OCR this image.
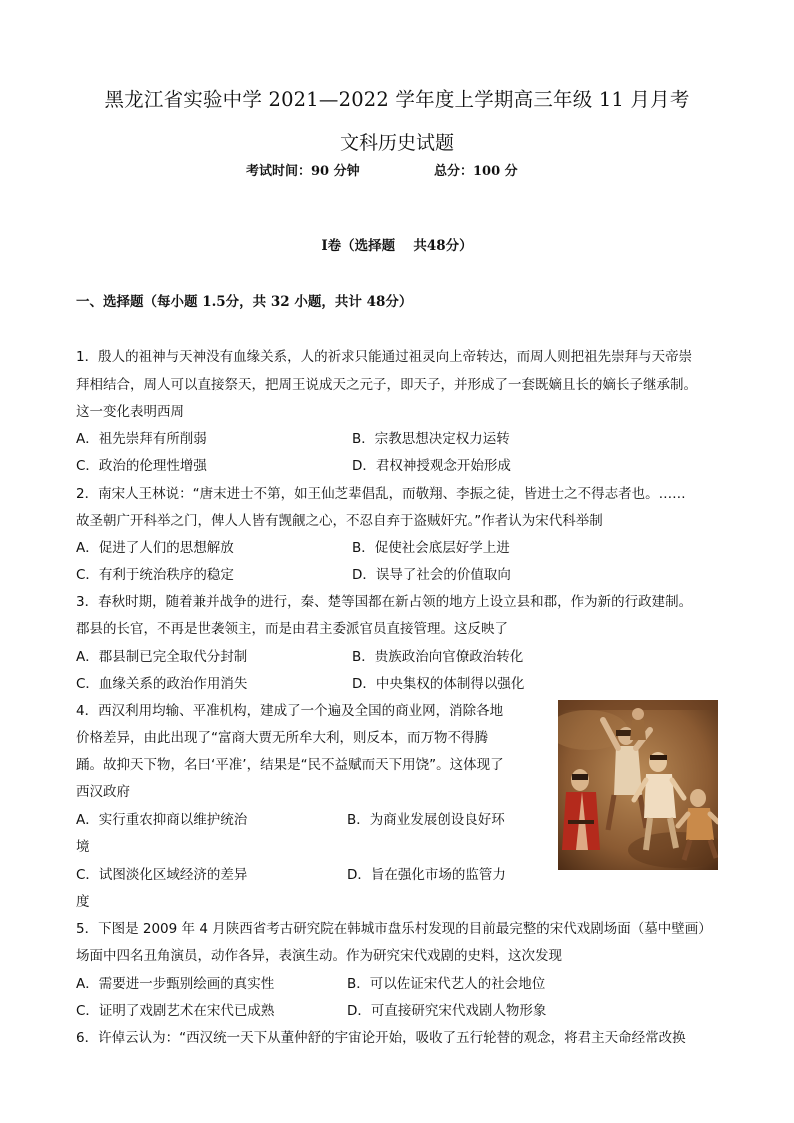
黑龙江省实验中学 2021—2022 学年度上学期高三年级 11 月月考
文科历史试题
考试时间：90 分钟	总分：100 分
I卷（选择题　 共48分）
一、选择题（每小题 1.5分，共 32 小题，共计 48分）
1．殷人的祖神与天神没有血缘关系，人的祈求只能通过祖灵向上帝转达，而周人则把祖先崇拜与天帝崇
拜相结合，周人可以直接祭天，把周王说成天之元子，即天子，并形成了一套既嫡且长的嫡长子继承制。
这一变化表明西周
A．祖先崇拜有所削弱	B．宗教思想决定权力运转
C．政治的伦理性增强	D．君权神授观念开始形成
2．南宋人王林说：“唐末进士不第，如王仙芝辈倡乱，而敬翔、李振之徒，皆进士之不得志者也。……
故圣朝广开科举之门，俾人人皆有觊觎之心，不忍自弃于盗贼奸宄。”作者认为宋代科举制
A．促进了人们的思想解放	B．促使社会底层好学上进
C．有利于统治秩序的稳定	D．误导了社会的价值取向
3．春秋时期，随着兼并战争的进行，秦、楚等国都在新占领的地方上设立县和郡，作为新的行政建制。
郡县的长官，不再是世袭领主，而是由君主委派官员直接管理。这反映了
A．郡县制已完全取代分封制	B．贵族政治向官僚政治转化
C．血缘关系的政治作用消失	D．中央集权的体制得以强化
4．西汉利用均输、平准机构，建成了一个遍及全国的商业网，消除各地
价格差异，由此出现了“富商大贾无所牟大利，则反本，而万物不得腾
踊。故抑天下物，名曰‘平准’，结果是“民不益赋而天下用饶”。这体现了
西汉政府
A．实行重农抑商以维护统治	B．为商业发展创设良好环
境
C．试图淡化区域经济的差异	D．旨在强化市场的监管力
度
5．下图是 2009 年 4 月陕西省考古研究院在韩城市盘乐村发现的目前最完整的宋代戏剧场面（墓中壁画）
场面中四名丑角演员，动作各异，表演生动。作为研究宋代戏剧的史料，这次发现
A．需要进一步甄别绘画的真实性	B．可以佐证宋代艺人的社会地位
C．证明了戏剧艺术在宋代已成熟	D．可直接研究宋代戏剧人物形象
6．许倬云认为：“西汉统一天下从董仲舒的宇宙论开始，吸收了五行轮替的观念，将君主天命经常改换
